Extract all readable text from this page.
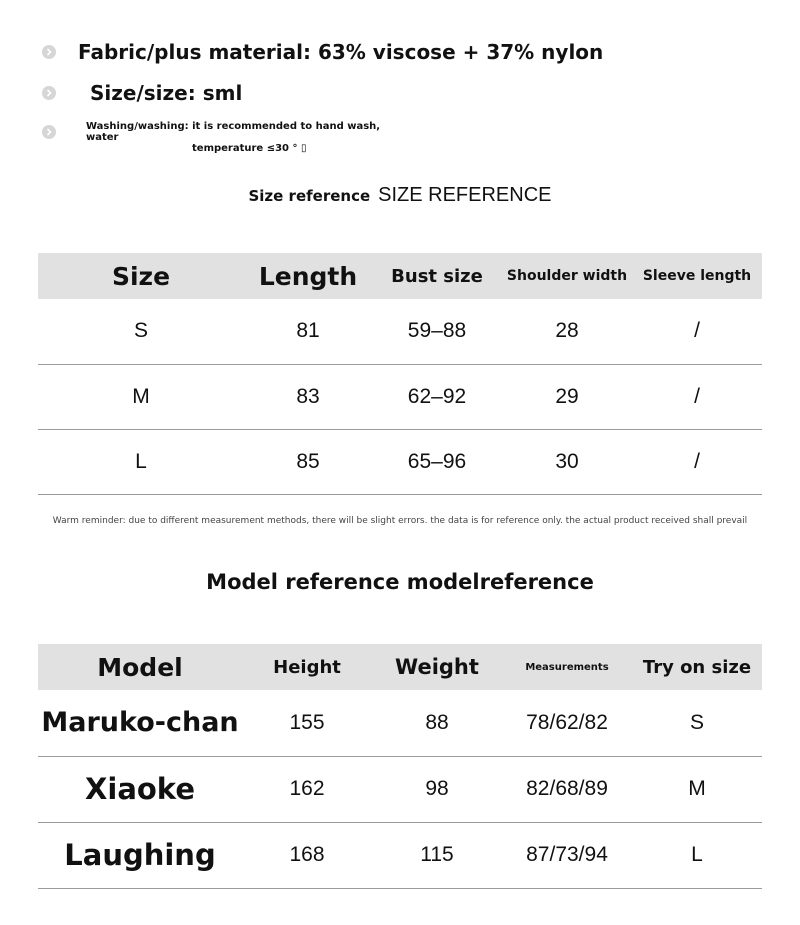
Fabric/plus material: 63% viscose + 37% nylon
Size/size: sml
Washing/washing: it is recommended to hand wash, water
temperature ≤30 ° ▯
Size reference SIZE REFERENCE
Size	Length	Bust size	Shoulder width	Sleeve length
S	81	59–88	28	/
M	83	62–92	29	/
L	85	65–96	30	/
Warm reminder: due to different measurement methods, there will be slight errors. the data is for reference only. the actual product received shall prevail
Model reference modelreference
Model	Height	Weight	Measurements	Try on size
Maruko-chan	155	88	78/62/82	S
Xiaoke	162	98	82/68/89	M
Laughing	168	115	87/73/94	L
